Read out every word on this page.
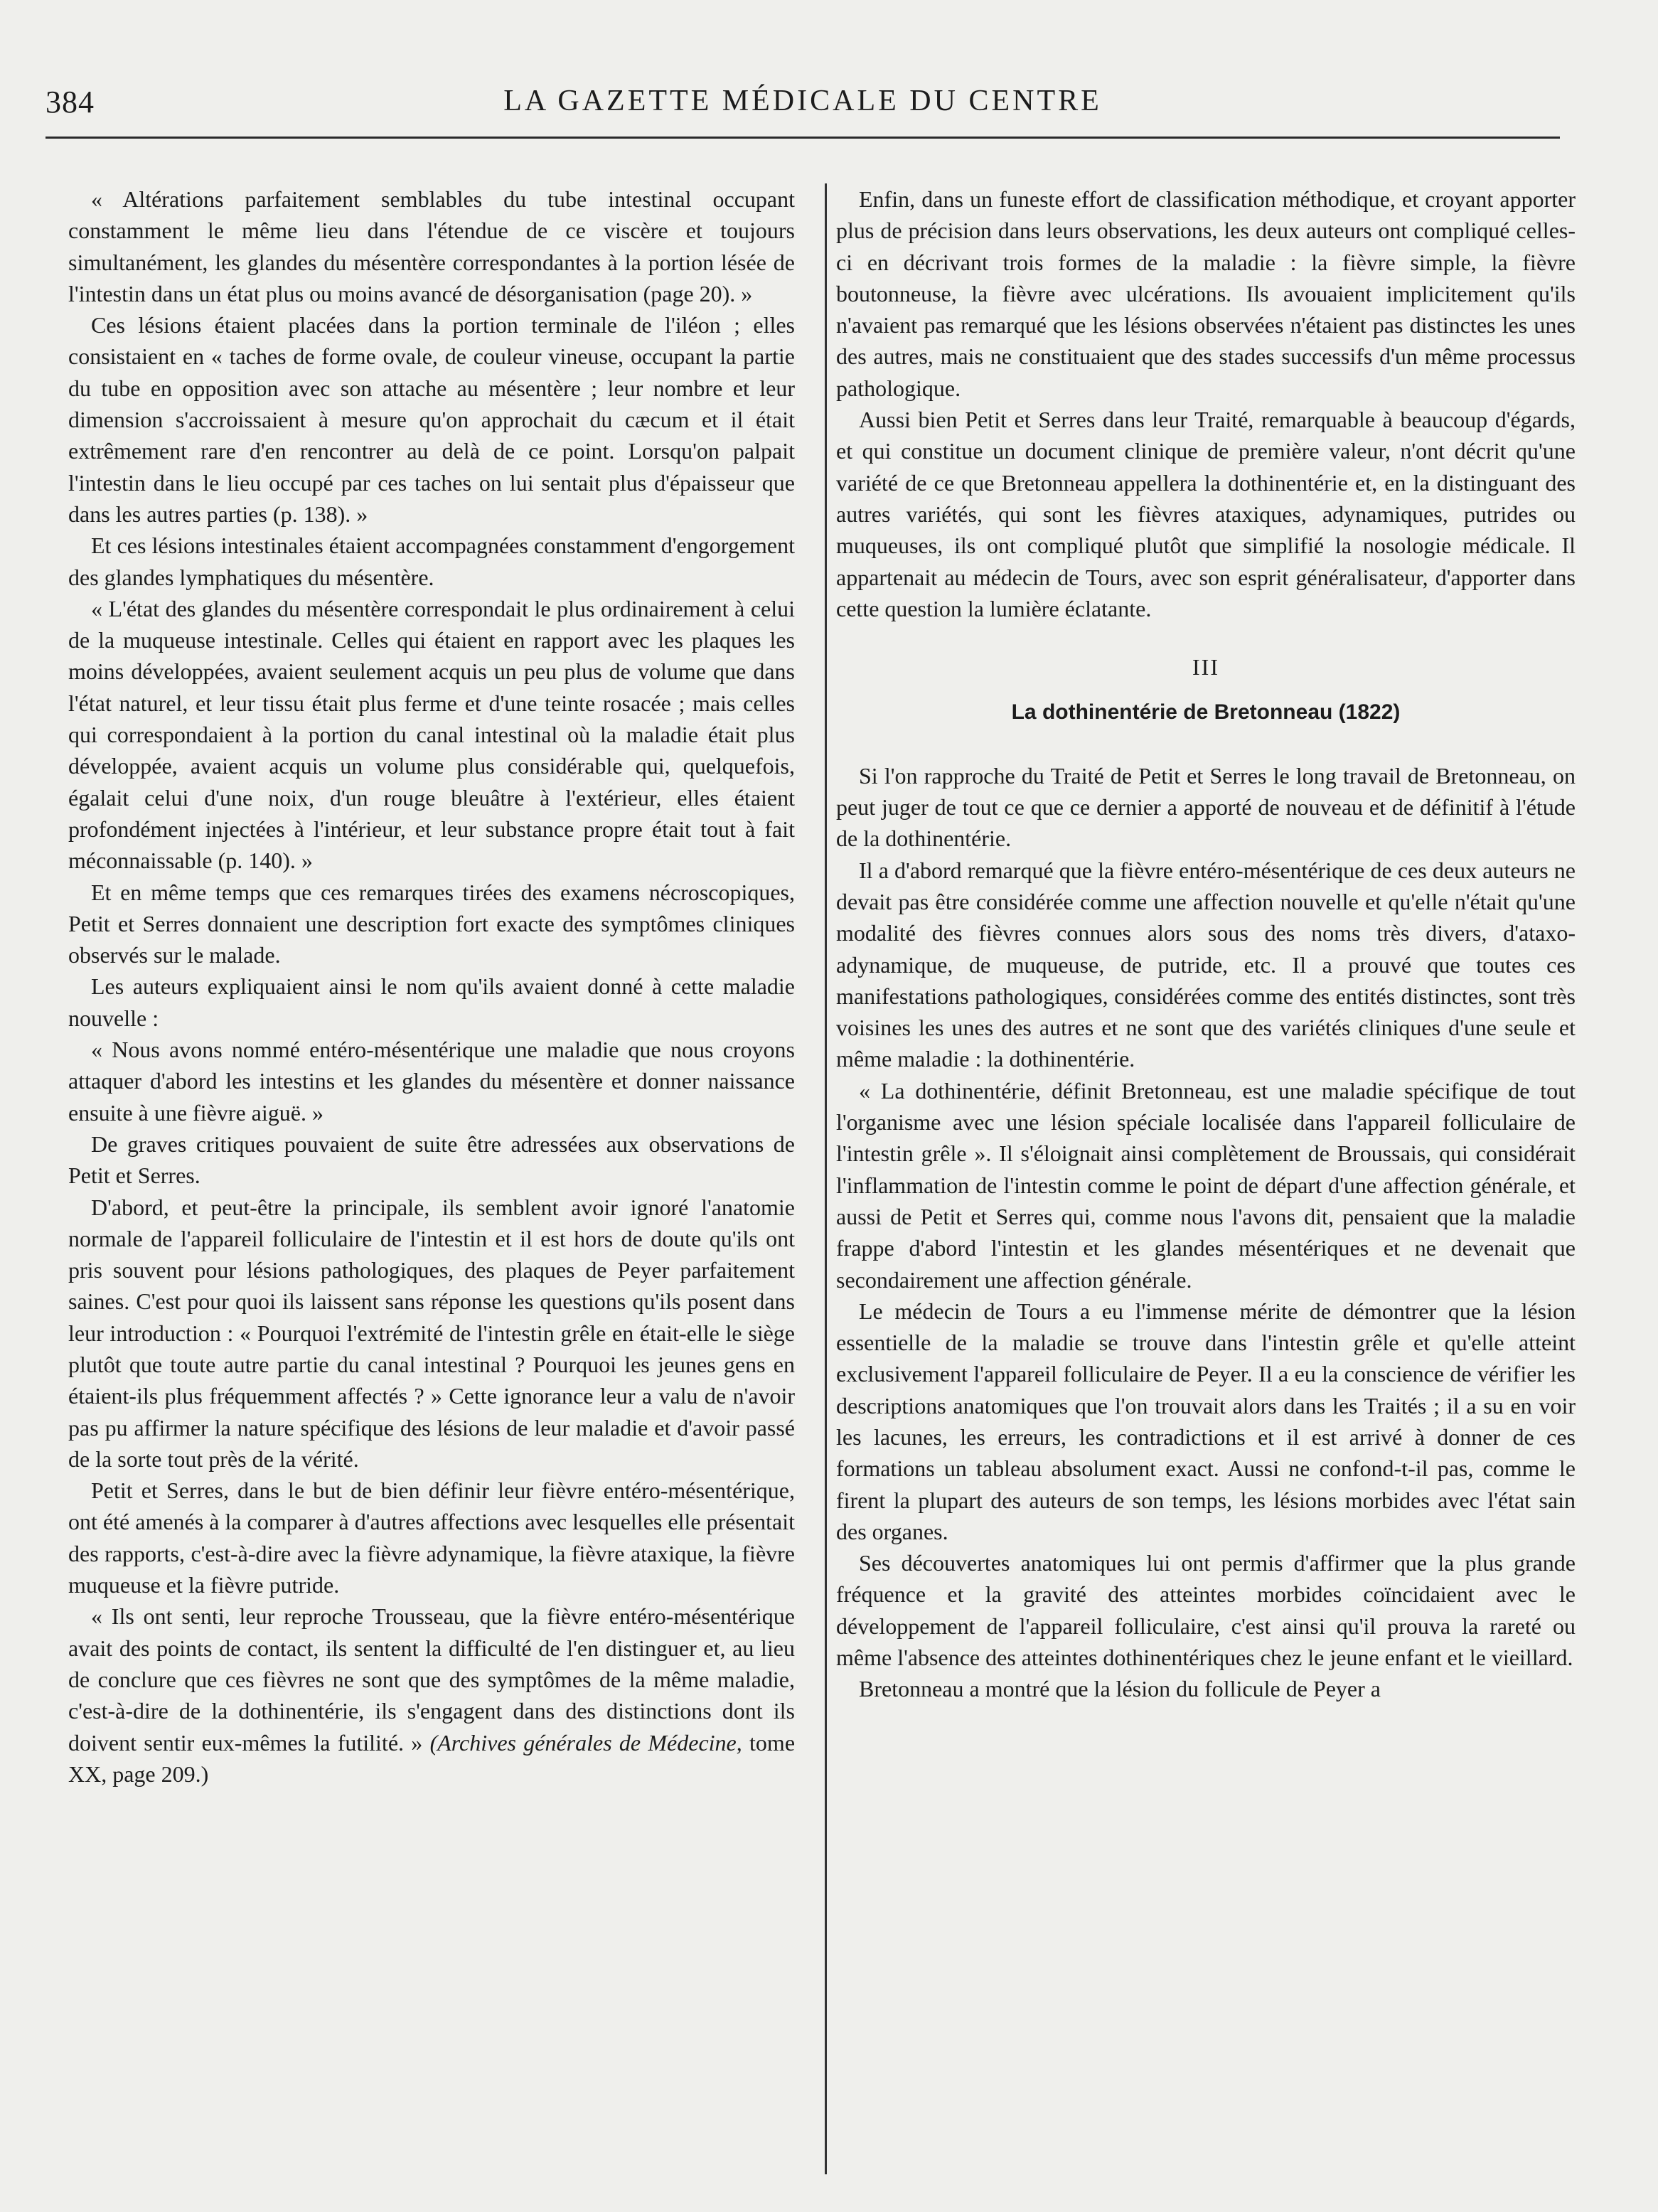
384	LA GAZETTE MÉDICALE DU CENTRE

« Altérations parfaitement semblables du tube intestinal occupant constamment le même lieu dans l'étendue de ce viscère et toujours simultanément, les glandes du mésentère correspondantes à la portion lésée de l'intestin dans un état plus ou moins avancé de désorganisation (page 20). »

Ces lésions étaient placées dans la portion terminale de l'iléon ; elles consistaient en « taches de forme ovale, de couleur vineuse, occupant la partie du tube en opposition avec son attache au mésentère ; leur nombre et leur dimension s'accroissaient à mesure qu'on approchait du cæcum et il était extrêmement rare d'en rencontrer au delà de ce point. Lorsqu'on palpait l'intestin dans le lieu occupé par ces taches on lui sentait plus d'épaisseur que dans les autres parties (p. 138). »

Et ces lésions intestinales étaient accompagnées constamment d'engorgement des glandes lymphatiques du mésentère.

« L'état des glandes du mésentère correspondait le plus ordinairement à celui de la muqueuse intestinale. Celles qui étaient en rapport avec les plaques les moins développées, avaient seulement acquis un peu plus de volume que dans l'état naturel, et leur tissu était plus ferme et d'une teinte rosacée ; mais celles qui correspondaient à la portion du canal intestinal où la maladie était plus développée, avaient acquis un volume plus considérable qui, quelquefois, égalait celui d'une noix, d'un rouge bleuâtre à l'extérieur, elles étaient profondément injectées à l'intérieur, et leur substance propre était tout à fait méconnaissable (p. 140). »

Et en même temps que ces remarques tirées des examens nécroscopiques, Petit et Serres donnaient une description fort exacte des symptômes cliniques observés sur le malade.

Les auteurs expliquaient ainsi le nom qu'ils avaient donné à cette maladie nouvelle :

« Nous avons nommé entéro-mésentérique une maladie que nous croyons attaquer d'abord les intestins et les glandes du mésentère et donner naissance ensuite à une fièvre aiguë. »

De graves critiques pouvaient de suite être adressées aux observations de Petit et Serres.

D'abord, et peut-être la principale, ils semblent avoir ignoré l'anatomie normale de l'appareil folliculaire de l'intestin et il est hors de doute qu'ils ont pris souvent pour lésions pathologiques, des plaques de Peyer parfaitement saines. C'est pour quoi ils laissent sans réponse les questions qu'ils posent dans leur introduction : « Pourquoi l'extrémité de l'intestin grêle en était-elle le siège plutôt que toute autre partie du canal intestinal ? Pourquoi les jeunes gens en étaient-ils plus fréquemment affectés ? » Cette ignorance leur a valu de n'avoir pas pu affirmer la nature spécifique des lésions de leur maladie et d'avoir passé de la sorte tout près de la vérité.

Petit et Serres, dans le but de bien définir leur fièvre entéro-mésentérique, ont été amenés à la comparer à d'autres affections avec lesquelles elle présentait des rapports, c'est-à-dire avec la fièvre adynamique, la fièvre ataxique, la fièvre muqueuse et la fièvre putride.

« Ils ont senti, leur reproche Trousseau, que la fièvre entéro-mésentérique avait des points de contact, ils sentent la difficulté de l'en distinguer et, au lieu de conclure que ces fièvres ne sont que des symptômes de la même maladie, c'est-à-dire de la dothinentérie, ils s'engagent dans des distinctions dont ils doivent sentir eux-mêmes la futilité. » (Archives générales de Médecine, tome XX, page 209.)

Enfin, dans un funeste effort de classification méthodique, et croyant apporter plus de précision dans leurs observations, les deux auteurs ont compliqué celles-ci en décrivant trois formes de la maladie : la fièvre simple, la fièvre boutonneuse, la fièvre avec ulcérations. Ils avouaient implicitement qu'ils n'avaient pas remarqué que les lésions observées n'étaient pas distinctes les unes des autres, mais ne constituaient que des stades successifs d'un même processus pathologique.

Aussi bien Petit et Serres dans leur Traité, remarquable à beaucoup d'égards, et qui constitue un document clinique de première valeur, n'ont décrit qu'une variété de ce que Bretonneau appellera la dothinentérie et, en la distinguant des autres variétés, qui sont les fièvres ataxiques, adynamiques, putrides ou muqueuses, ils ont compliqué plutôt que simplifié la nosologie médicale. Il appartenait au médecin de Tours, avec son esprit généralisateur, d'apporter dans cette question la lumière éclatante.

III
La dothinentérie de Bretonneau (1822)

Si l'on rapproche du Traité de Petit et Serres le long travail de Bretonneau, on peut juger de tout ce que ce dernier a apporté de nouveau et de définitif à l'étude de la dothinentérie.

Il a d'abord remarqué que la fièvre entéro-mésentérique de ces deux auteurs ne devait pas être considérée comme une affection nouvelle et qu'elle n'était qu'une modalité des fièvres connues alors sous des noms très divers, d'ataxo-adynamique, de muqueuse, de putride, etc. Il a prouvé que toutes ces manifestations pathologiques, considérées comme des entités distinctes, sont très voisines les unes des autres et ne sont que des variétés cliniques d'une seule et même maladie : la dothinentérie.

« La dothinentérie, définit Bretonneau, est une maladie spécifique de tout l'organisme avec une lésion spéciale localisée dans l'appareil folliculaire de l'intestin grêle ». Il s'éloignait ainsi complètement de Broussais, qui considérait l'inflammation de l'intestin comme le point de départ d'une affection générale, et aussi de Petit et Serres qui, comme nous l'avons dit, pensaient que la maladie frappe d'abord l'intestin et les glandes mésentériques et ne devenait que secondairement une affection générale.

Le médecin de Tours a eu l'immense mérite de démontrer que la lésion essentielle de la maladie se trouve dans l'intestin grêle et qu'elle atteint exclusivement l'appareil folliculaire de Peyer. Il a eu la conscience de vérifier les descriptions anatomiques que l'on trouvait alors dans les Traités ; il a su en voir les lacunes, les erreurs, les contradictions et il est arrivé à donner de ces formations un tableau absolument exact. Aussi ne confond-t-il pas, comme le firent la plupart des auteurs de son temps, les lésions morbides avec l'état sain des organes.

Ses découvertes anatomiques lui ont permis d'affirmer que la plus grande fréquence et la gravité des atteintes morbides coïncidaient avec le développement de l'appareil folliculaire, c'est ainsi qu'il prouva la rareté ou même l'absence des atteintes dothinentériques chez le jeune enfant et le vieillard.

Bretonneau a montré que la lésion du follicule de Peyer a
